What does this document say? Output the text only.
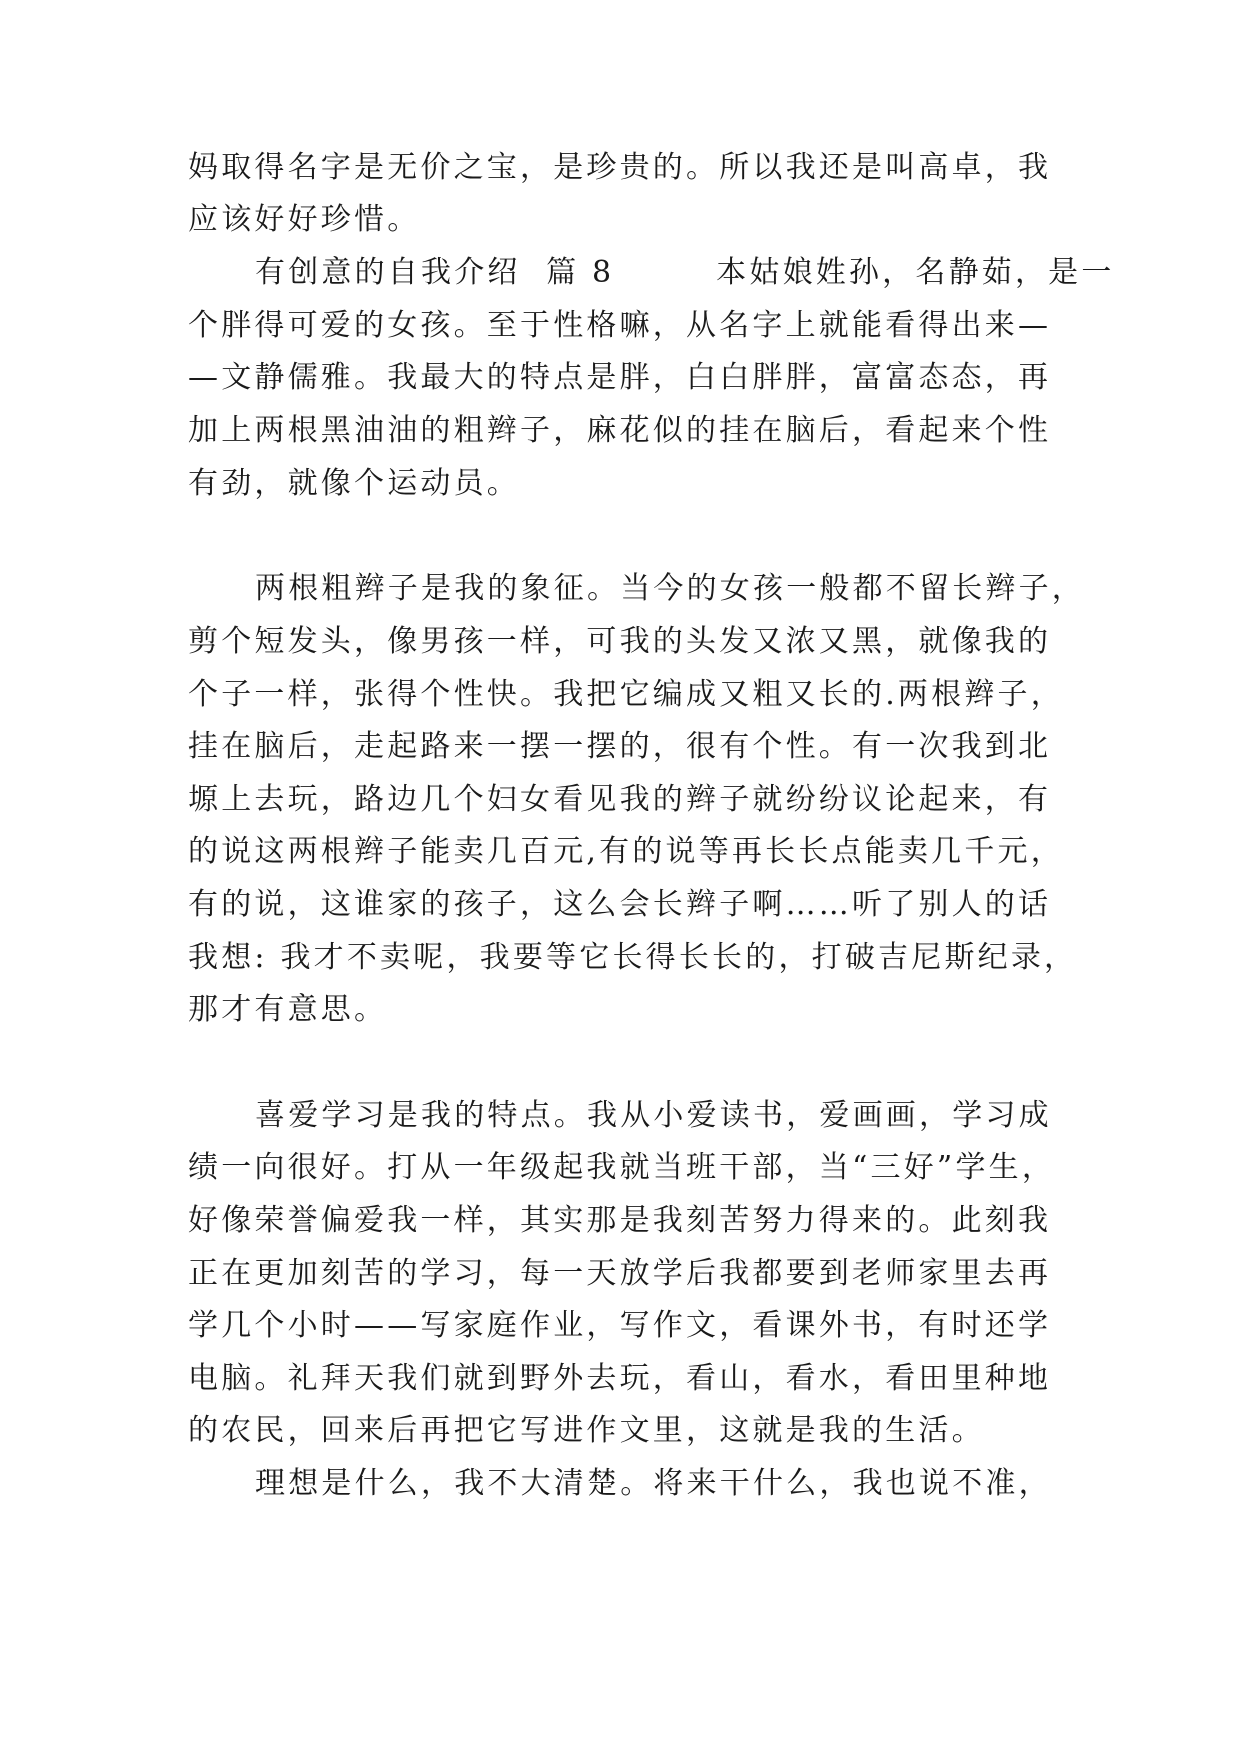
妈取得名字是无价之宝，是珍贵的。所以我还是叫高卓，我
应该好好珍惜。
有创意的自我介绍  篇 8        本姑娘姓孙，名静茹，是一
个胖得可爱的女孩。至于性格嘛，从名字上就能看得出来—
—文静儒雅。我最大的特点是胖，白白胖胖，富富态态，再
加上两根黑油油的粗辫子，麻花似的挂在脑后，看起来个性
有劲，就像个运动员。
两根粗辫子是我的象征。当今的女孩一般都不留长辫子，
剪个短发头，像男孩一样，可我的头发又浓又黑，就像我的
个子一样，张得个性快。我把它编成又粗又长的.两根辫子，
挂在脑后，走起路来一摆一摆的，很有个性。有一次我到北
塬上去玩，路边几个妇女看见我的辫子就纷纷议论起来，有
的说这两根辫子能卖几百元,有的说等再长长点能卖几千元，
有的说，这谁家的孩子，这么会长辫子啊……听了别人的话
我想: 我才不卖呢，我要等它长得长长的，打破吉尼斯纪录，
那才有意思。
喜爱学习是我的特点。我从小爱读书，爱画画，学习成
绩一向很好。打从一年级起我就当班干部，当“三好”学生，
好像荣誉偏爱我一样，其实那是我刻苦努力得来的。此刻我
正在更加刻苦的学习，每一天放学后我都要到老师家里去再
学几个小时——写家庭作业，写作文，看课外书，有时还学
电脑。礼拜天我们就到野外去玩，看山，看水，看田里种地
的农民，回来后再把它写进作文里，这就是我的生活。
理想是什么，我不大清楚。将来干什么，我也说不准，
